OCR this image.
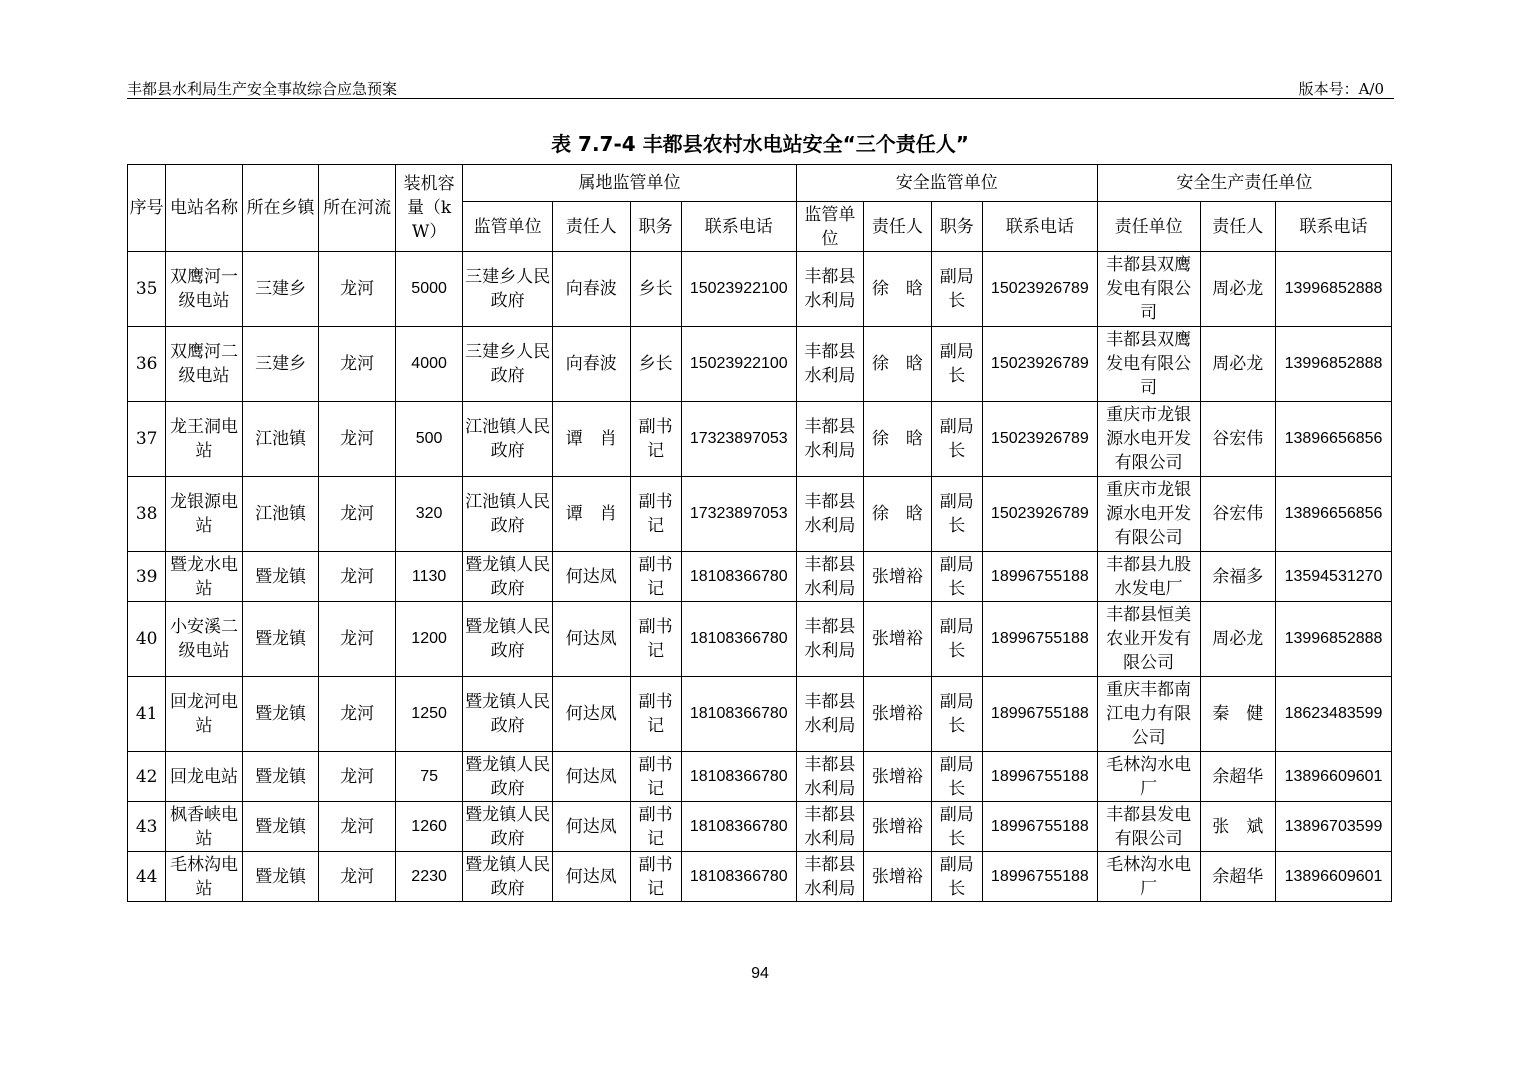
丰都县水利局生产安全事故综合应急预案	版本号：A/0
表 7.7-4 丰都县农村水电站安全“三个责任人”
序号	电站名称	所在乡镇	所在河流	装机容量（kW）	属地监管单位				安全监管单位				安全生产责任单位		
					监管单位	责任人	职务	联系电话	监管单位	责任人	职务	联系电话	责任单位	责任人	联系电话
35	双鹰河一级电站	三建乡	龙河	5000	三建乡人民政府	向春波	乡长	15023922100	丰都县水利局	徐　晗	副局长	15023926789	丰都县双鹰发电有限公司	周必龙	13996852888
36	双鹰河二级电站	三建乡	龙河	4000	三建乡人民政府	向春波	乡长	15023922100	丰都县水利局	徐　晗	副局长	15023926789	丰都县双鹰发电有限公司	周必龙	13996852888
37	龙王洞电站	江池镇	龙河	500	江池镇人民政府	谭　肖	副书记	17323897053	丰都县水利局	徐　晗	副局长	15023926789	重庆市龙银源水电开发有限公司	谷宏伟	13896656856
38	龙银源电站	江池镇	龙河	320	江池镇人民政府	谭　肖	副书记	17323897053	丰都县水利局	徐　晗	副局长	15023926789	重庆市龙银源水电开发有限公司	谷宏伟	13896656856
39	暨龙水电站	暨龙镇	龙河	1130	暨龙镇人民政府	何达凤	副书记	18108366780	丰都县水利局	张增裕	副局长	18996755188	丰都县九股水发电厂	余福多	13594531270
40	小安溪二级电站	暨龙镇	龙河	1200	暨龙镇人民政府	何达凤	副书记	18108366780	丰都县水利局	张增裕	副局长	18996755188	丰都县恒美农业开发有限公司	周必龙	13996852888
41	回龙河电站	暨龙镇	龙河	1250	暨龙镇人民政府	何达凤	副书记	18108366780	丰都县水利局	张增裕	副局长	18996755188	重庆丰都南江电力有限公司	秦　健	18623483599
42	回龙电站	暨龙镇	龙河	75	暨龙镇人民政府	何达凤	副书记	18108366780	丰都县水利局	张增裕	副局长	18996755188	毛林沟水电厂	余超华	13896609601
43	枫香峡电站	暨龙镇	龙河	1260	暨龙镇人民政府	何达凤	副书记	18108366780	丰都县水利局	张增裕	副局长	18996755188	丰都县发电有限公司	张　斌	13896703599
44	毛林沟电站	暨龙镇	龙河	2230	暨龙镇人民政府	何达凤	副书记	18108366780	丰都县水利局	张增裕	副局长	18996755188	毛林沟水电厂	余超华	13896609601
94
